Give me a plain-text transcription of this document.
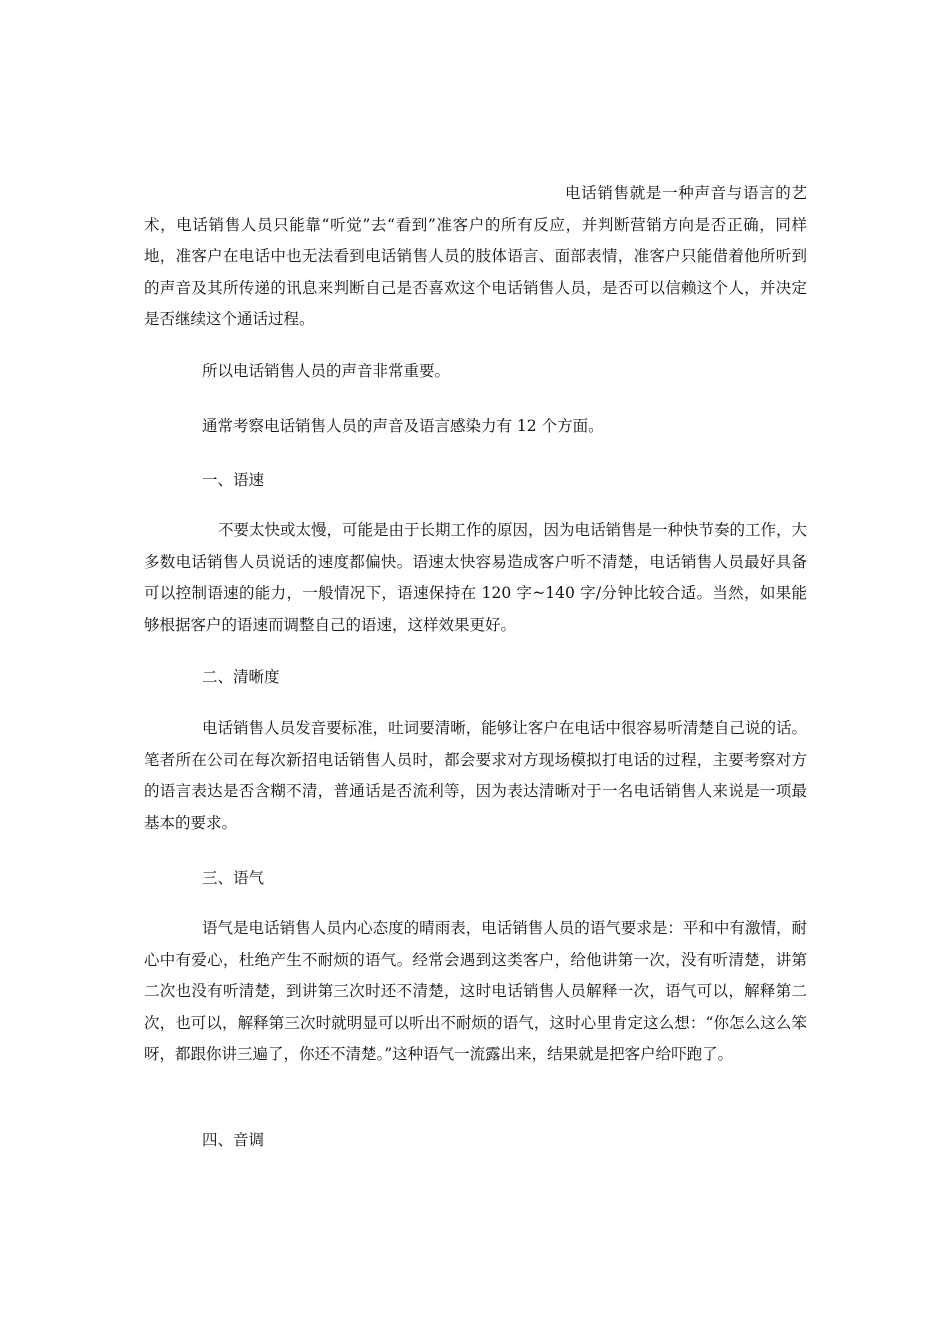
电话销售就是一种声音与语言的艺术，电话销售人员只能靠“听觉”去“看到”准客户的所有反应，并判断营销方向是否正确，同样地，准客户在电话中也无法看到电话销售人员的肢体语言、面部表情，准客户只能借着他所听到的声音及其所传递的讯息来判断自己是否喜欢这个电话销售人员，是否可以信赖这个人，并决定是否继续这个通话过程。

所以电话销售人员的声音非常重要。

通常考察电话销售人员的声音及语言感染力有 12 个方面。

一、语速

不要太快或太慢，可能是由于长期工作的原因，因为电话销售是一种快节奏的工作，大多数电话销售人员说话的速度都偏快。语速太快容易造成客户听不清楚，电话销售人员最好具备可以控制语速的能力，一般情况下，语速保持在 120 字~140 字/分钟比较合适。当然，如果能够根据客户的语速而调整自己的语速，这样效果更好。

二、清晰度

电话销售人员发音要标准，吐词要清晰，能够让客户在电话中很容易听清楚自己说的话。笔者所在公司在每次新招电话销售人员时，都会要求对方现场模拟打电话的过程，主要考察对方的语言表达是否含糊不清，普通话是否流利等，因为表达清晰对于一名电话销售人来说是一项最基本的要求。

三、语气

语气是电话销售人员内心态度的晴雨表，电话销售人员的语气要求是：平和中有激情，耐心中有爱心，杜绝产生不耐烦的语气。经常会遇到这类客户，给他讲第一次，没有听清楚，讲第二次也没有听清楚，到讲第三次时还不清楚，这时电话销售人员解释一次，语气可以，解释第二次，也可以，解释第三次时就明显可以听出不耐烦的语气，这时心里肯定这么想：“你怎么这么笨呀，都跟你讲三遍了，你还不清楚。”这种语气一流露出来，结果就是把客户给吓跑了。

四、音调
